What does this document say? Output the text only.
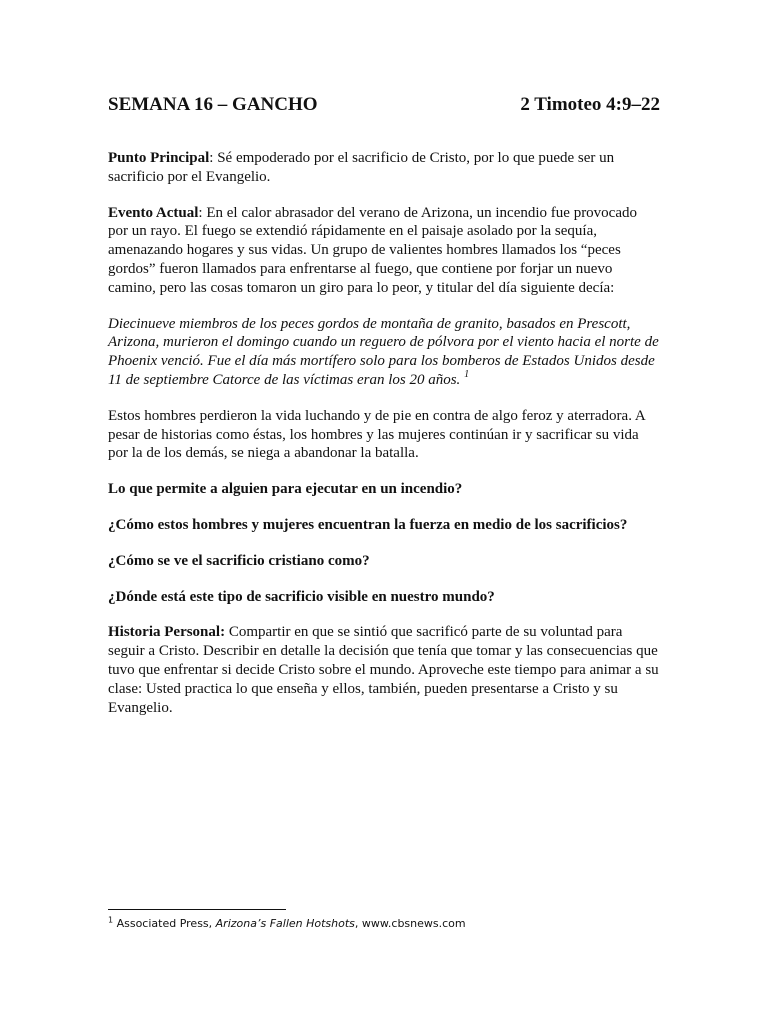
SEMANA 16 – GANCHO	2 Timoteo 4:9–22

Punto Principal: Sé empoderado por el sacrificio de Cristo, por lo que puede ser un sacrificio por el Evangelio.

Evento Actual: En el calor abrasador del verano de Arizona, un incendio fue provocado por un rayo. El fuego se extendió rápidamente en el paisaje asolado por la sequía, amenazando hogares y sus vidas. Un grupo de valientes hombres llamados los “peces gordos” fueron llamados para enfrentarse al fuego, que contiene por forjar un nuevo camino, pero las cosas tomaron un giro para lo peor, y titular del día siguiente decía:

Diecinueve miembros de los peces gordos de montaña de granito, basados en Prescott, Arizona, murieron el domingo cuando un reguero de pólvora por el viento hacia el norte de Phoenix venció. Fue el día más mortífero solo para los bomberos de Estados Unidos desde 11 de septiembre Catorce de las víctimas eran los 20 años. $^1$

Estos hombres perdieron la vida luchando y de pie en contra de algo feroz y aterradora. A pesar de historias como éstas, los hombres y las mujeres continúan ir y sacrificar su vida por la de los demás, se niega a abandonar la batalla.

Lo que permite a alguien para ejecutar en un incendio?

¿Cómo estos hombres y mujeres encuentran la fuerza en medio de los sacrificios?

¿Cómo se ve el sacrificio cristiano como?

¿Dónde está este tipo de sacrificio visible en nuestro mundo?

Historia Personal: Compartir en que se sintió que sacrificó parte de su voluntad para seguir a Cristo. Describir en detalle la decisión que tenía que tomar y las consecuencias que tuvo que enfrentar si decide Cristo sobre el mundo. Aproveche este tiempo para animar a su clase: Usted practica lo que enseña y ellos, también, pueden presentarse a Cristo y su Evangelio.

$^1$ Associated Press, Arizona’s Fallen Hotshots, www.cbsnews.com
